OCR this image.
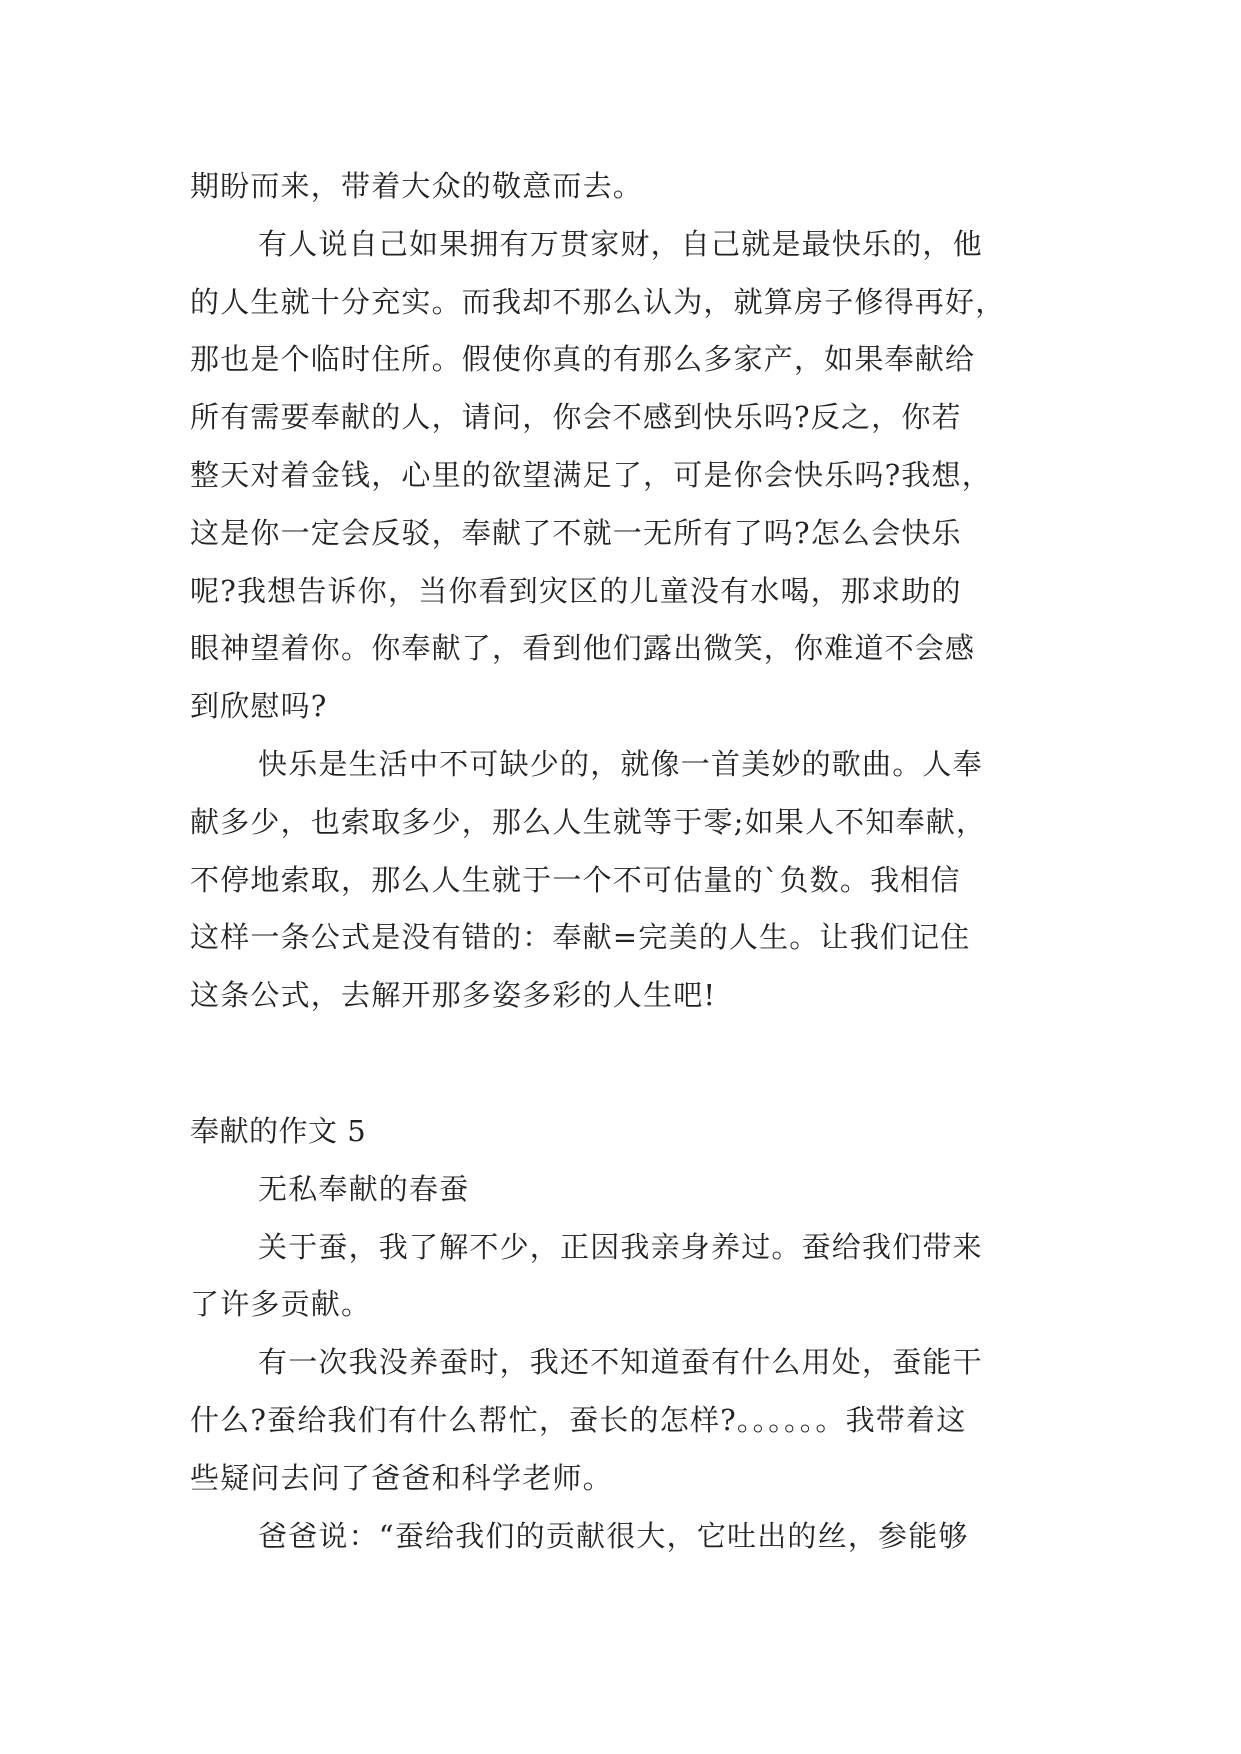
期盼而来，带着大众的敬意而去。
有人说自己如果拥有万贯家财，自己就是最快乐的，他
的人生就十分充实。而我却不那么认为，就算房子修得再好，
那也是个临时住所。假使你真的有那么多家产，如果奉献给
所有需要奉献的人，请问，你会不感到快乐吗?反之，你若
整天对着金钱，心里的欲望满足了，可是你会快乐吗?我想，
这是你一定会反驳，奉献了不就一无所有了吗?怎么会快乐
呢?我想告诉你，当你看到灾区的儿童没有水喝，那求助的
眼神望着你。你奉献了，看到他们露出微笑，你难道不会感
到欣慰吗?
快乐是生活中不可缺少的，就像一首美妙的歌曲。人奉
献多少，也索取多少，那么人生就等于零;如果人不知奉献，
不停地索取，那么人生就于一个不可估量的`负数。我相信
这样一条公式是没有错的：奉献=完美的人生。让我们记住
这条公式，去解开那多姿多彩的人生吧!
奉献的作文 5
无私奉献的春蚕
关于蚕，我了解不少，正因我亲身养过。蚕给我们带来
了许多贡献。
有一次我没养蚕时，我还不知道蚕有什么用处，蚕能干
什么?蚕给我们有什么帮忙，蚕长的怎样?。。。。。。我带着这
些疑问去问了爸爸和科学老师。
爸爸说：“蚕给我们的贡献很大，它吐出的丝，参能够
